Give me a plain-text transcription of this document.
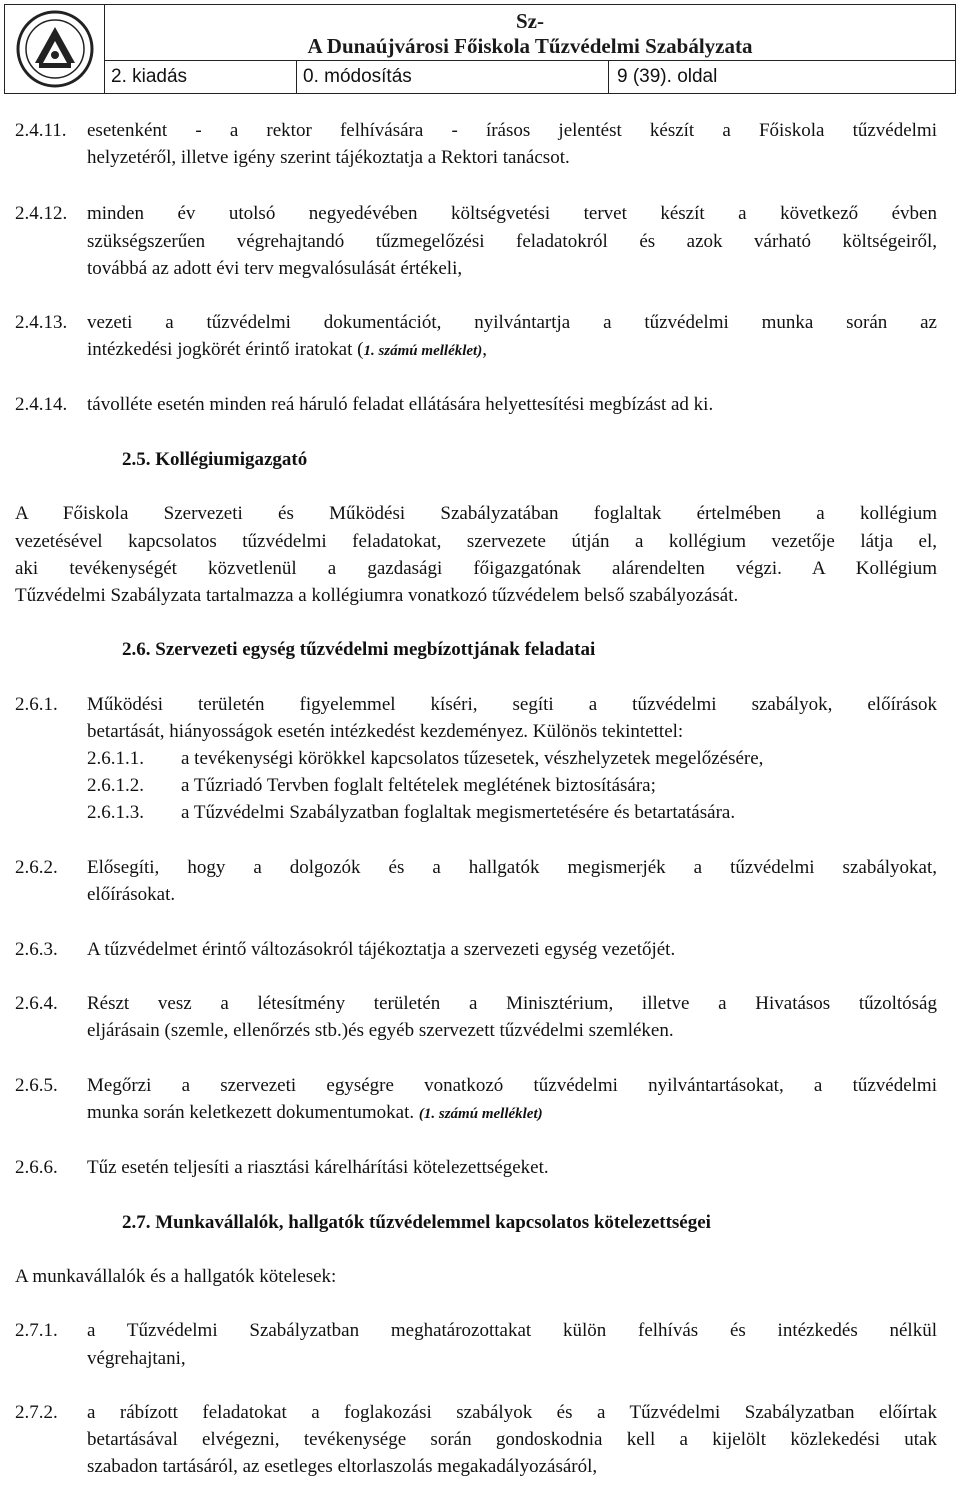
Sz-
A Dunaújvárosi Főiskola Tűzvédelmi Szabályzata
2. kiadás	0. módosítás	9 (39). oldal
2.4.11. esetenként - a rektor felhívására - írásos jelentést készít a Főiskola tűzvédelmi
helyzetéről, illetve igény szerint tájékoztatja a Rektori tanácsot.
2.4.12. minden év utolsó negyedévében költségvetési tervet készít a következő évben
szükségszerűen végrehajtandó tűzmegelőzési feladatokról és azok várható költségeiről,
továbbá az adott évi terv megvalósulását értékeli,
2.4.13. vezeti a tűzvédelmi dokumentációt, nyilvántartja a tűzvédelmi munka során az
intézkedési jogkörét érintő iratokat (1. számú melléklet),
2.4.14. távolléte esetén minden reá háruló feladat ellátására helyettesítési megbízást ad ki.
2.5. Kollégiumigazgató
A Főiskola Szervezeti és Működési Szabályzatában foglaltak értelmében a kollégium
vezetésével kapcsolatos tűzvédelmi feladatokat, szervezete útján a kollégium vezetője látja el,
aki tevékenységét közvetlenül a gazdasági főigazgatónak alárendelten végzi. A Kollégium
Tűzvédelmi Szabályzata tartalmazza a kollégiumra vonatkozó tűzvédelem belső szabályozását.
2.6. Szervezeti egység tűzvédelmi megbízottjának feladatai
2.6.1. Működési területén figyelemmel kíséri, segíti a tűzvédelmi szabályok, előírások
betartását, hiányosságok esetén intézkedést kezdeményez. Különös tekintettel:
2.6.1.1. a tevékenységi körökkel kapcsolatos tűzesetek, vészhelyzetek megelőzésére,
2.6.1.2. a Tűzriadó Tervben foglalt feltételek meglétének biztosítására;
2.6.1.3. a Tűzvédelmi Szabályzatban foglaltak megismertetésére és betartatására.
2.6.2. Elősegíti, hogy a dolgozók és a hallgatók megismerjék a tűzvédelmi szabályokat,
előírásokat.
2.6.3. A tűzvédelmet érintő változásokról tájékoztatja a szervezeti egység vezetőjét.
2.6.4. Részt vesz a létesítmény területén a Minisztérium, illetve a Hivatásos tűzoltóság
eljárásain (szemle, ellenőrzés stb.)és egyéb szervezett tűzvédelmi szemléken.
2.6.5. Megőrzi a szervezeti egységre vonatkozó tűzvédelmi nyilvántartásokat, a tűzvédelmi
munka során keletkezett dokumentumokat. (1. számú melléklet)
2.6.6. Tűz esetén teljesíti a riasztási kárelhárítási kötelezettségeket.
2.7. Munkavállalók, hallgatók tűzvédelemmel kapcsolatos kötelezettségei
A munkavállalók és a hallgatók kötelesek:
2.7.1. a Tűzvédelmi Szabályzatban meghatározottakat külön felhívás és intézkedés nélkül
végrehajtani,
2.7.2. a rábízott feladatokat a foglakozási szabályok és a Tűzvédelmi Szabályzatban előírtak
betartásával elvégezni, tevékenysége során gondoskodnia kell a kijelölt közlekedési utak
szabadon tartásáról, az esetleges eltorlaszolás megakadályozásáról,
